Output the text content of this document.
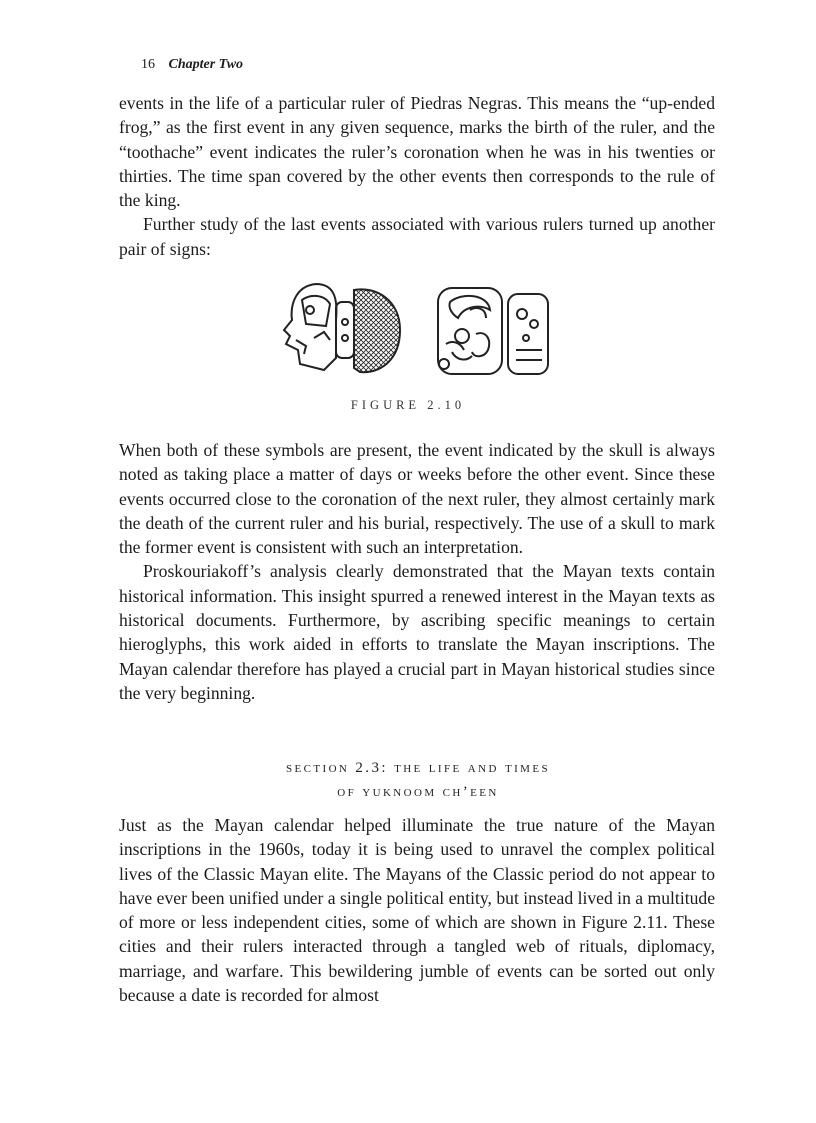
16 Chapter Two

events in the life of a particular ruler of Piedras Negras. This means the “up-ended frog,” as the first event in any given sequence, marks the birth of the ruler, and the “toothache” event indicates the ruler’s coronation when he was in his twenties or thirties. The time span covered by the other events then corresponds to the rule of the king.

Further study of the last events associated with various rulers turned up another pair of signs:

FIGURE 2.10

When both of these symbols are present, the event indicated by the skull is always noted as taking place a matter of days or weeks before the other event. Since these events occurred close to the coronation of the next ruler, they almost certainly mark the death of the current ruler and his burial, respectively. The use of a skull to mark the former event is consistent with such an interpretation.

Proskouriakoff’s analysis clearly demonstrated that the Mayan texts contain historical information. This insight spurred a renewed interest in the Mayan texts as historical documents. Furthermore, by ascribing specific meanings to certain hieroglyphs, this work aided in efforts to translate the Mayan inscriptions. The Mayan calendar therefore has played a crucial part in Mayan historical studies since the very beginning.

section 2.3: the life and times
of yuknoom ch’een

Just as the Mayan calendar helped illuminate the true nature of the Mayan inscriptions in the 1960s, today it is being used to unravel the complex political lives of the Classic Mayan elite. The Mayans of the Classic period do not appear to have ever been unified under a single political entity, but instead lived in a multitude of more or less independent cities, some of which are shown in Figure 2.11. These cities and their rulers interacted through a tangled web of rituals, diplomacy, marriage, and warfare. This bewildering jumble of events can be sorted out only because a date is recorded for almost
